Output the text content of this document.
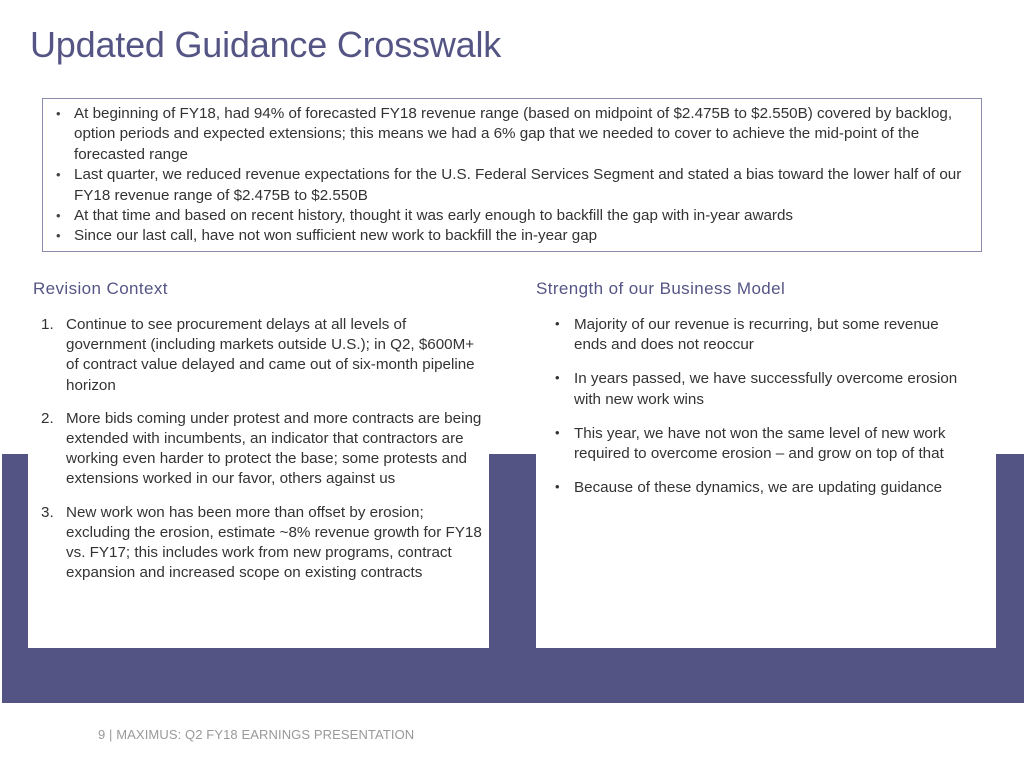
Updated Guidance Crosswalk
• At beginning of FY18, had 94% of forecasted FY18 revenue range (based on midpoint of $2.475B to $2.550B) covered by backlog, option periods and expected extensions; this means we had a 6% gap that we needed to cover to achieve the mid-point of the forecasted range
• Last quarter, we reduced revenue expectations for the U.S. Federal Services Segment and stated a bias toward the lower half of our FY18 revenue range of $2.475B to $2.550B
• At that time and based on recent history, thought it was early enough to backfill the gap with in-year awards
• Since our last call, have not won sufficient new work to backfill the in-year gap
Revision Context	Strength of our Business Model
1. Continue to see procurement delays at all levels of government (including markets outside U.S.); in Q2, $600M+ of contract value delayed and came out of six-month pipeline horizon
2. More bids coming under protest and more contracts are being extended with incumbents, an indicator that contractors are working even harder to protect the base; some protests and extensions worked in our favor, others against us
3. New work won has been more than offset by erosion; excluding the erosion, estimate ~8% revenue growth for FY18 vs. FY17; this includes work from new programs, contract expansion and increased scope on existing contracts
• Majority of our revenue is recurring, but some revenue ends and does not reoccur
• In years passed, we have successfully overcome erosion with new work wins
• This year, we have not won the same level of new work required to overcome erosion – and grow on top of that
• Because of these dynamics, we are updating guidance
9 | MAXIMUS: Q2 FY18 EARNINGS PRESENTATION
